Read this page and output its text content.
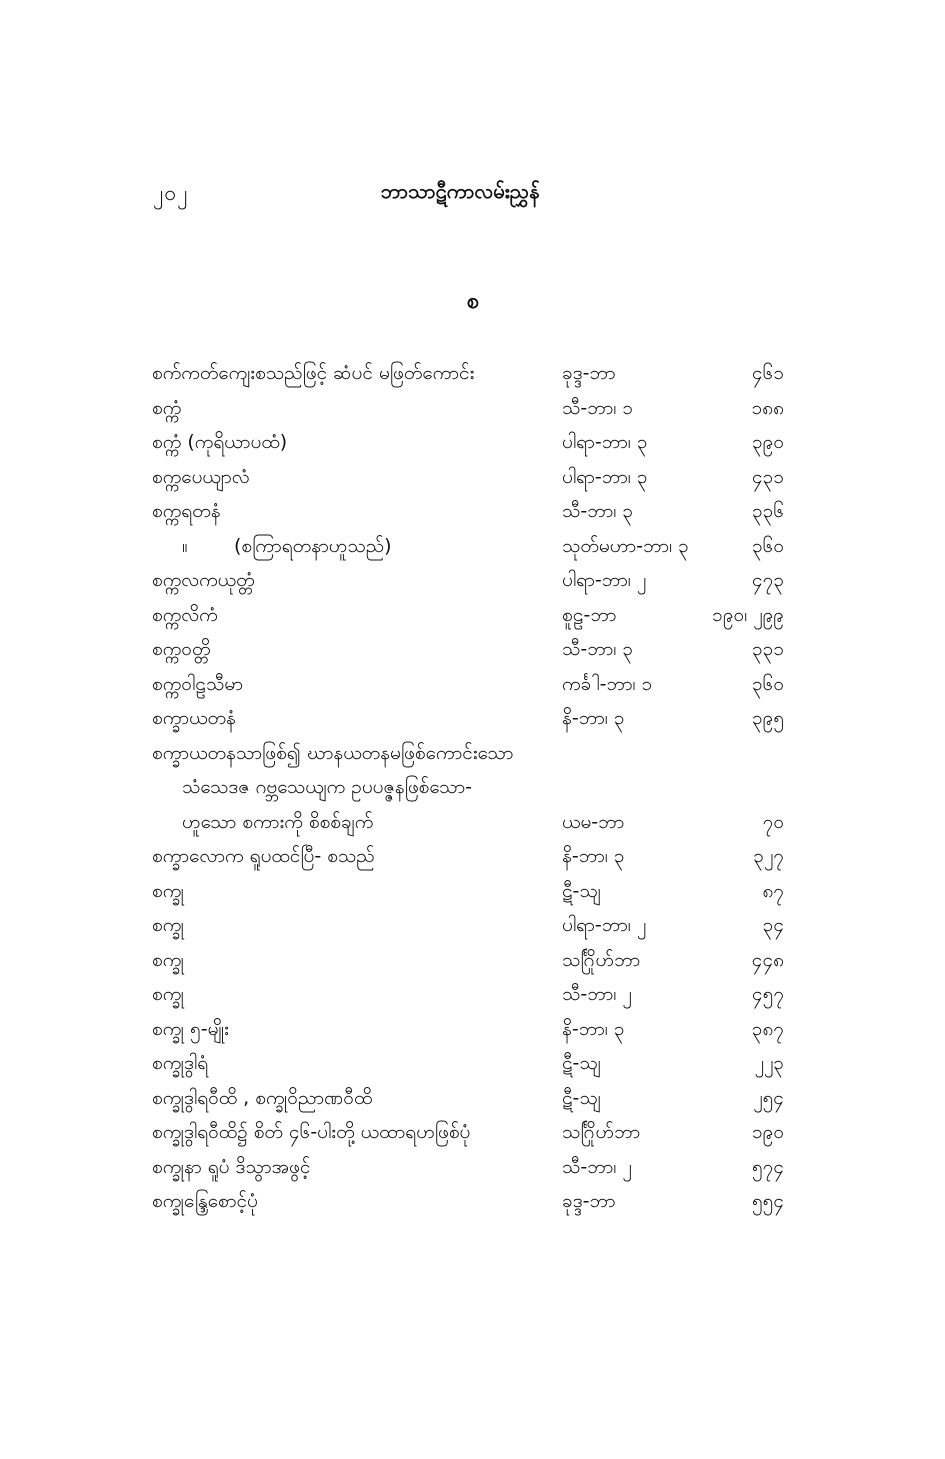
၂၀၂	ဘာသာဋီကာလမ်းညွှန်
စ
စက်ကတ်ကျေးစသည်ဖြင့် ဆံပင် မဖြတ်ကောင်း	ခုဒ္ဒ-ဘာ	၄၆၁
စက္ကံ	သီ-ဘာ၊ ၁	၁၈၈
စက္ကံ (ကုရိယာပထံ)	ပါရာ-ဘာ၊ ၃	၃၉၀
စက္ကပေယျာလံ	ပါရာ-ဘာ၊ ၃	၄၃၁
စက္ကရတနံ	သီ-ဘာ၊ ၃	၃၃၆
။ (စကြာရတနာဟူသည်)	သုတ်မဟာ-ဘာ၊ ၃	၃၆၀
စက္ကလကယုတ္တံ	ပါရာ-ဘာ၊ ၂	၄၇၃
စက္ကလိကံ	စူဠ-ဘာ	၁၉၀၊ ၂၉၉
စက္ကဝတ္တိ	သီ-ဘာ၊ ၃	၃၃၁
စက္ကဝါဠသီမာ	ကင်္ခါ-ဘာ၊ ၁	၃၆၀
စက္ခာယတနံ	နိ-ဘာ၊ ၃	၃၉၅
စက္ခာယတနသာဖြစ်၍ ဃာနယတနမဖြစ်ကောင်းသော
သံသေဒဇ ဂဗ္ဘသေယျက ဥပပဇ္ဇနဖြစ်သော-
ဟူသော စကားကို စိစစ်ချက်	ယမ-ဘာ	၇၀
စက္ခာလောက ရူပထင်ပြီ- စသည်	နိ-ဘာ၊ ၃	၃၂၇
စက္ခု	ဋီ-သျ	၈၇
စက္ခု	ပါရာ-ဘာ၊ ၂	၃၄
စက္ခု	သင်္ဂြိုဟ်ဘာ	၄၄၈
စက္ခု	သီ-ဘာ၊ ၂	၄၅၇
စက္ခု ၅-မျိုး	နိ-ဘာ၊ ၃	၃၈၇
စက္ခုဒွါရံ	ဋီ-သျ	၂၂၃
စက္ခုဒွါရဝီထိ , စက္ခုဝိညာဏဝီထိ	ဋီ-သျ	၂၅၄
စက္ခုဒွါရဝီထိ၌ စိတ် ၄၆-ပါးတို့ ယထာရဟဖြစ်ပုံ	သင်္ဂြိုဟ်ဘာ	၁၉၀
စက္ခုနာ ရူပံ ဒိသွာအဖွင့်	သီ-ဘာ၊ ၂	၅၇၄
စက္ခုန္ဒြေစောင့်ပုံ	ခုဒ္ဒ-ဘာ	၅၅၄
